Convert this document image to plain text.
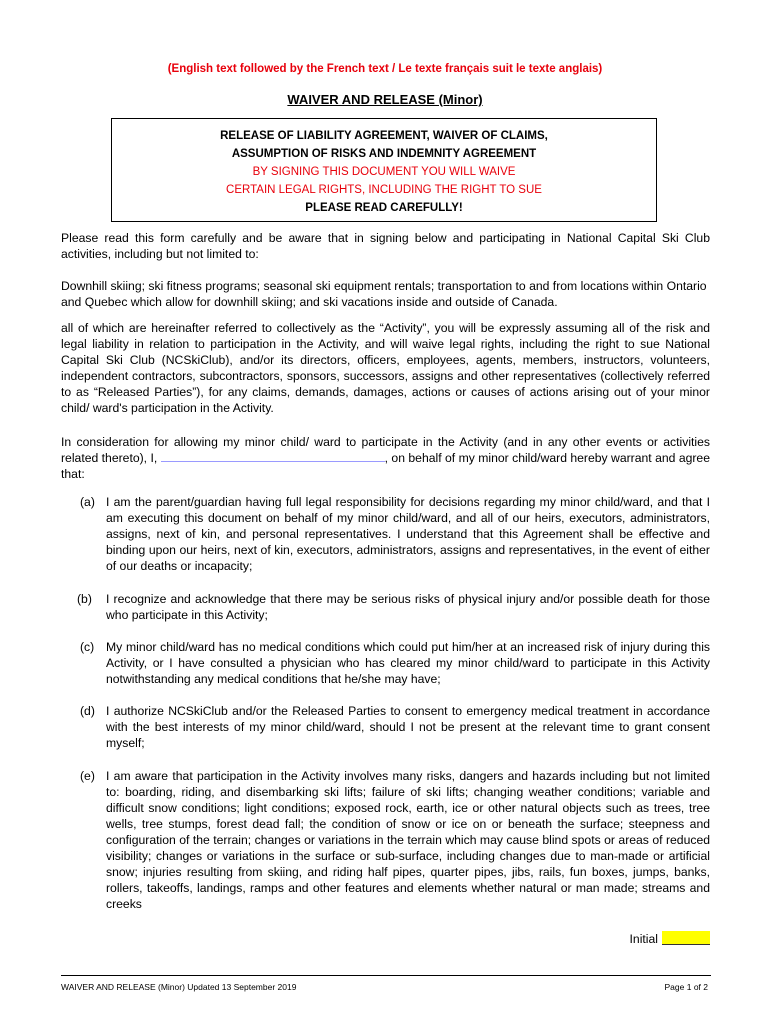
(English text followed by the French text / Le texte français suit le texte anglais)
WAIVER AND RELEASE (Minor)
RELEASE OF LIABILITY AGREEMENT, WAIVER OF CLAIMS,
ASSUMPTION OF RISKS AND INDEMNITY AGREEMENT
BY SIGNING THIS DOCUMENT YOU WILL WAIVE
CERTAIN LEGAL RIGHTS, INCLUDING THE RIGHT TO SUE
PLEASE READ CAREFULLY!
Please read this form carefully and be aware that in signing below and participating in National Capital Ski Club activities, including but not limited to:
Downhill skiing; ski fitness programs; seasonal ski equipment rentals; transportation to and from locations within Ontario and Quebec which allow for downhill skiing; and ski vacations inside and outside of Canada.
all of which are hereinafter referred to collectively as the “Activity”, you will be expressly assuming all of the risk and legal liability in relation to participation in the Activity, and will waive legal rights, including the right to sue National Capital Ski Club (NCSkiClub), and/or its directors, officers, employees, agents, members, instructors, volunteers, independent contractors, subcontractors, sponsors, successors, assigns and other representatives (collectively referred to as “Released Parties”), for any claims, demands, damages, actions or causes of actions arising out of your minor child/ ward's participation in the Activity.
In consideration for allowing my minor child/ ward to participate in the Activity (and in any other events or activities related thereto), I,	, on behalf of my minor child/ward hereby warrant and agree that:
(a) I am the parent/guardian having full legal responsibility for decisions regarding my minor child/ward, and that I am executing this document on behalf of my minor child/ward, and all of our heirs, executors, administrators, assigns, next of kin, and personal representatives. I understand that this Agreement shall be effective and binding upon our heirs, next of kin, executors, administrators, assigns and representatives, in the event of either of our deaths or incapacity;
(b)	I recognize and acknowledge that there may be serious risks of physical injury and/or possible death for those who participate in this Activity;
(c) My minor child/ward has no medical conditions which could put him/her at an increased risk of injury during this Activity, or I have consulted a physician who has cleared my minor child/ward to participate in this Activity notwithstanding any medical conditions that he/she may have;
(d) I authorize NCSkiClub and/or the Released Parties to consent to emergency medical treatment in accordance with the best interests of my minor child/ward, should I not be present at the relevant time to grant consent myself;
(e) I am aware that participation in the Activity involves many risks, dangers and hazards including but not limited to: boarding, riding, and disembarking ski lifts; failure of ski lifts; changing weather conditions; variable and difficult snow conditions; light conditions; exposed rock, earth, ice or other natural objects such as trees, tree wells, tree stumps, forest dead fall; the condition of snow or ice on or beneath the surface; steepness and configuration of the terrain; changes or variations in the terrain which may cause blind spots or areas of reduced visibility; changes or variations in the surface or sub-surface, including changes due to man-made or artificial snow; injuries resulting from skiing, and riding half pipes, quarter pipes, jibs, rails, fun boxes, jumps, banks, rollers, takeoffs, landings, ramps and other features and elements whether natural or man made; streams and creeks
Initial
WAIVER AND RELEASE (Minor) Updated 13 September 2019	Page 1 of 2
